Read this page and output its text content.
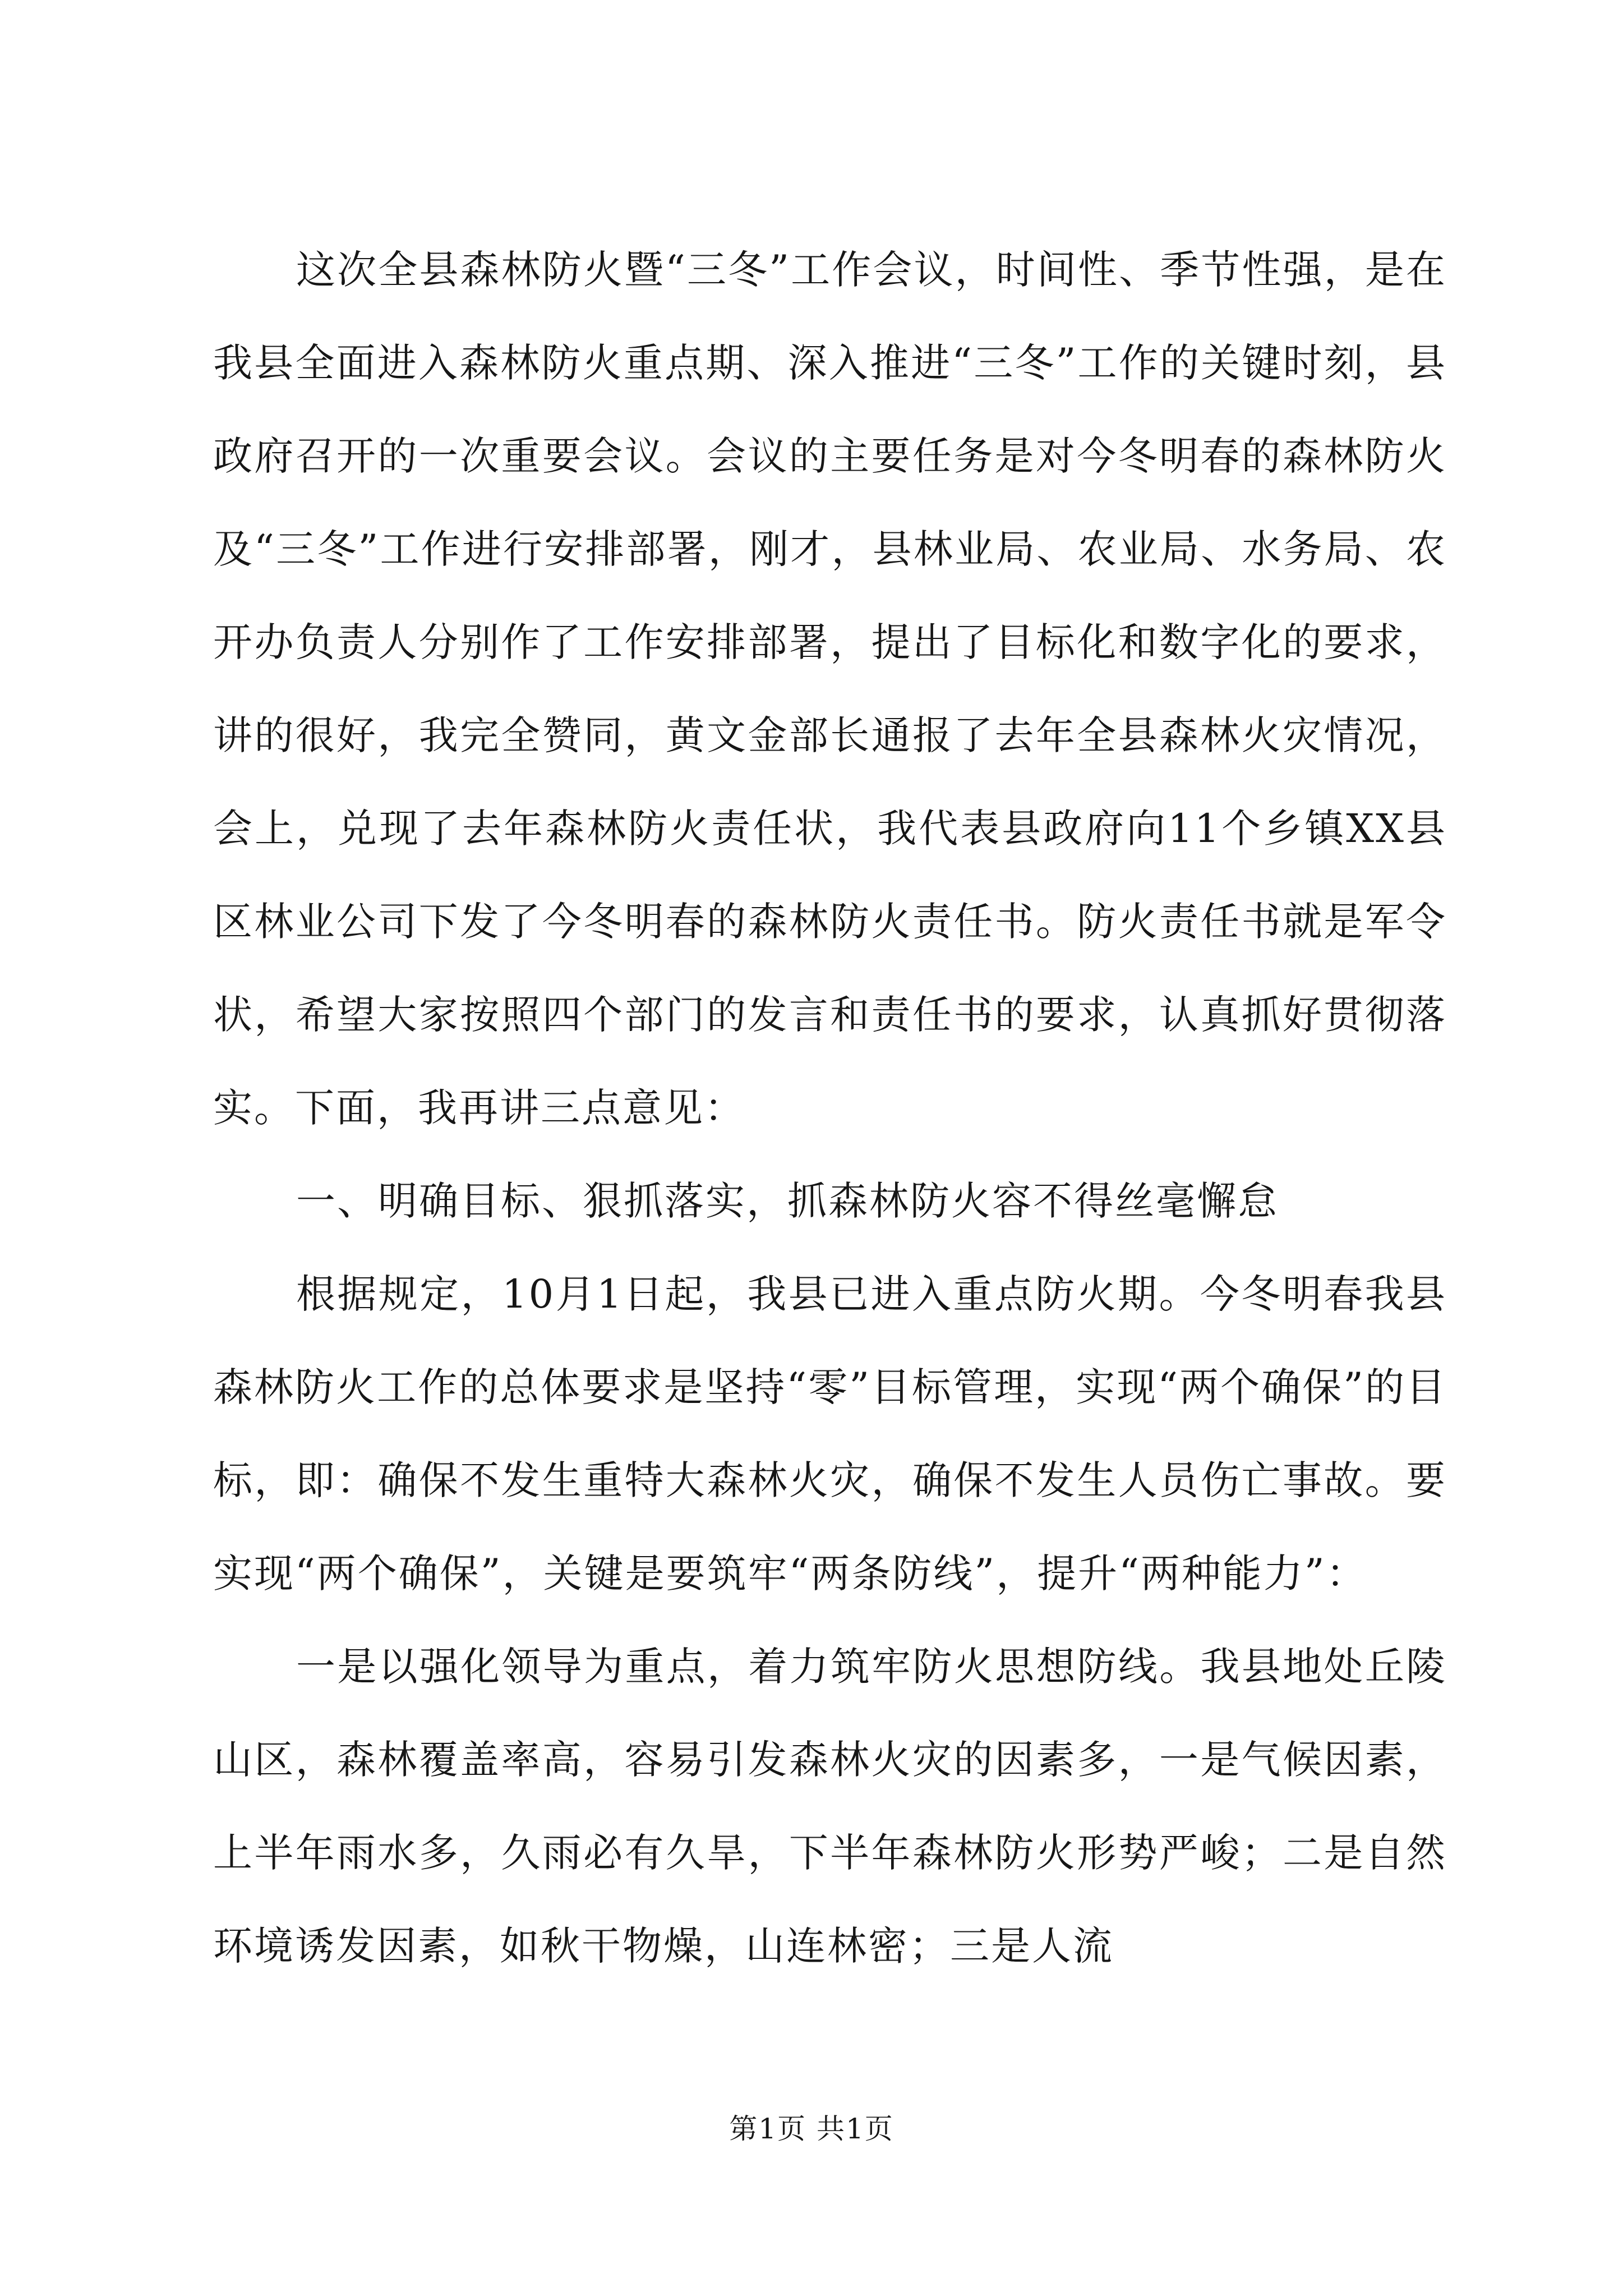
这次全县森林防火暨“三冬”工作会议，时间性、季节性强，是在我县全面进入森林防火重点期、深入推进“三冬”工作的关键时刻，县政府召开的一次重要会议。会议的主要任务是对今冬明春的森林防火及“三冬”工作进行安排部署，刚才，县林业局、农业局、水务局、农开办负责人分别作了工作安排部署，提出了目标化和数字化的要求，讲的很好，我完全赞同，黄文金部长通报了去年全县森林火灾情况，会上，兑现了去年森林防火责任状，我代表县政府向11个乡镇XX县区林业公司下发了今冬明春的森林防火责任书。防火责任书就是军令状，希望大家按照四个部门的发言和责任书的要求，认真抓好贯彻落实。下面，我再讲三点意见：

一、明确目标、狠抓落实，抓森林防火容不得丝毫懈怠

根据规定，10月1日起，我县已进入重点防火期。今冬明春我县森林防火工作的总体要求是坚持“零”目标管理，实现“两个确保”的目标，即：确保不发生重特大森林火灾，确保不发生人员伤亡事故。要实现“两个确保”，关键是要筑牢“两条防线”，提升“两种能力”：

一是以强化领导为重点，着力筑牢防火思想防线。我县地处丘陵山区，森林覆盖率高，容易引发森林火灾的因素多，一是气候因素，上半年雨水多，久雨必有久旱，下半年森林防火形势严峻；二是自然环境诱发因素，如秋干物燥，山连林密；三是人流

第1页 共1页
